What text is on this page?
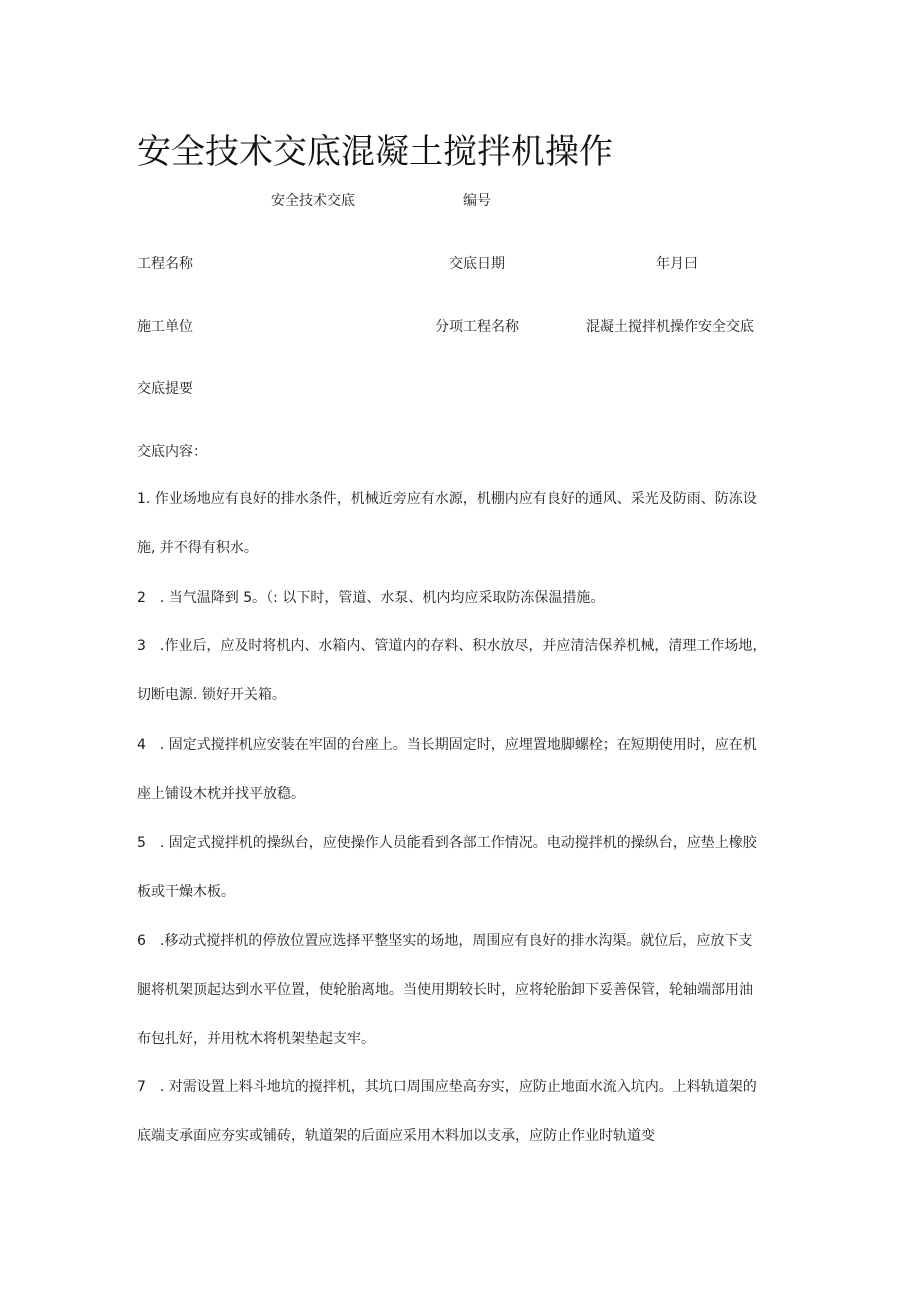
安全技术交底混凝土搅拌机操作
安全技术交底	编号
工程名称	交底日期	年月曰
施工单位	分项工程名称	混凝土搅拌机操作安全交底
交底提要
交底内容：
1. 作业场地应有良好的排水条件，机械近旁应有水源，机棚内应有良好的通风、采光及防雨、防冻设
施, 并不得有积水。
2　. 当气温降到 5。（: 以下时，管道、水泵、机内均应采取防冻保温措施。
3　.作业后，应及时将机内、水箱内、管道内的存料、积水放尽，并应清洁保养机械，清理工作场地，
切断电源. 锁好开关箱。
4　. 固定式搅拌机应安装在牢固的台座上。当长期固定时，应埋置地脚螺栓；在短期使用时，应在机
座上铺设木枕并找平放稳。
5　. 固定式搅拌机的操纵台，应使操作人员能看到各部工作情况。电动搅拌机的操纵台，应垫上橡胶
板或干燥木板。
6　.移动式搅拌机的停放位置应选择平整坚实的场地，周围应有良好的排水沟渠。就位后，应放下支
腿将机架顶起达到水平位置，使轮胎离地。当使用期较长时，应将轮胎卸下妥善保管，轮轴端部用油
布包扎好，并用枕木将机架垫起支牢。
7　. 对需设置上料斗地坑的搅拌机，其坑口周围应垫高夯实，应防止地面水流入坑内。上料轨道架的
底端支承面应夯实或铺砖，轨道架的后面应采用木料加以支承，应防止作业时轨道变
